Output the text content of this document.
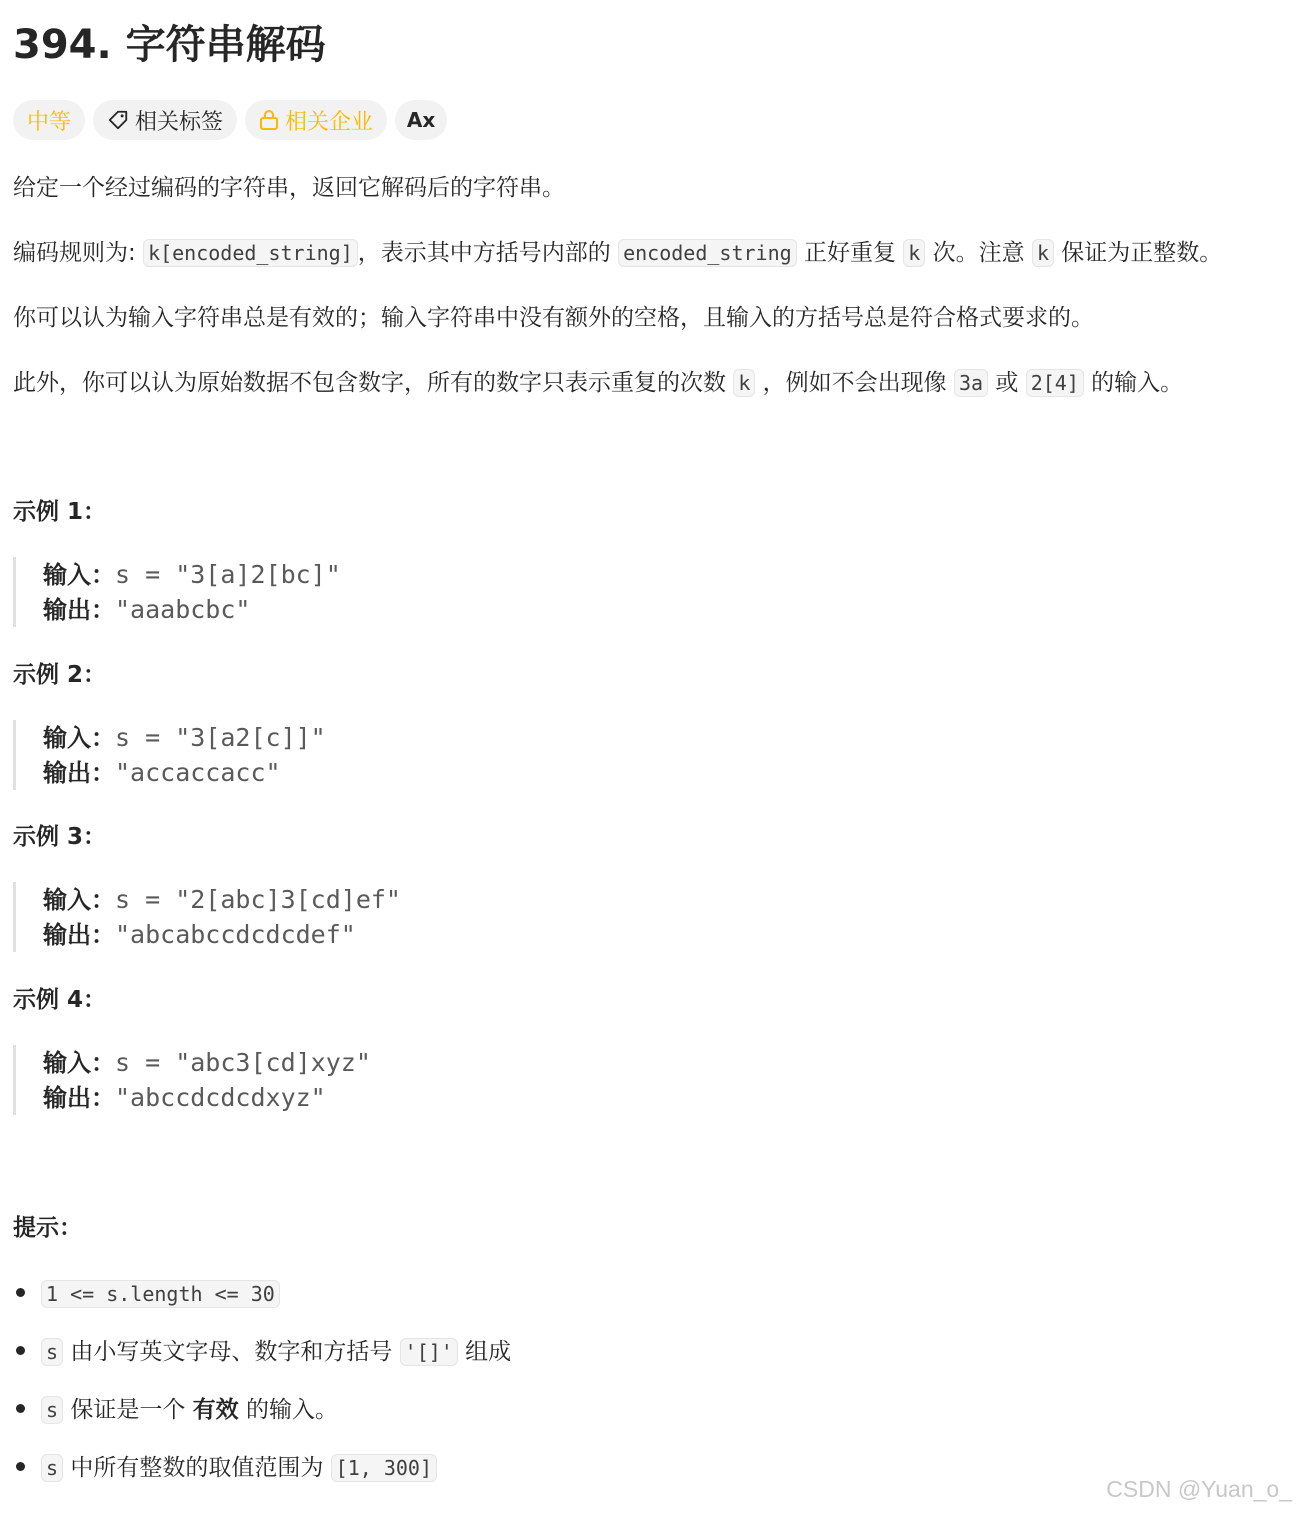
394. 字符串解码
中等	相关标签	相关企业 Ax

给定一个经过编码的字符串，返回它解码后的字符串。

编码规则为: k[encoded_string] ，表示其中方括号内部的 encoded_string 正好重复 k 次。注意 k 保证为正整数。

你可以认为输入字符串总是有效的；输入字符串中没有额外的空格，且输入的方括号总是符合格式要求的。

此外，你可以认为原始数据不包含数字，所有的数字只表示重复的次数 k ，例如不会出现像 3a 或 2[4] 的输入。

示例 1：
输入：s = "3[a]2[bc]"
输出："aaabcbc"
示例 2：
输入：s = "3[a2[c]]"
输出："accaccacc"
示例 3：
输入：s = "2[abc]3[cd]ef"
输出："abcabccdcdcdef"
示例 4：
输入：s = "abc3[cd]xyz"
输出："abccdcdcdxyz"
提示：
1 <= s.length <= 30
s 由小写英文字母、数字和方括号 '[]' 组成
s 保证是一个 有效 的输入。
s 中所有整数的取值范围为 [1, 300]
CSDN @Yuan_o_
